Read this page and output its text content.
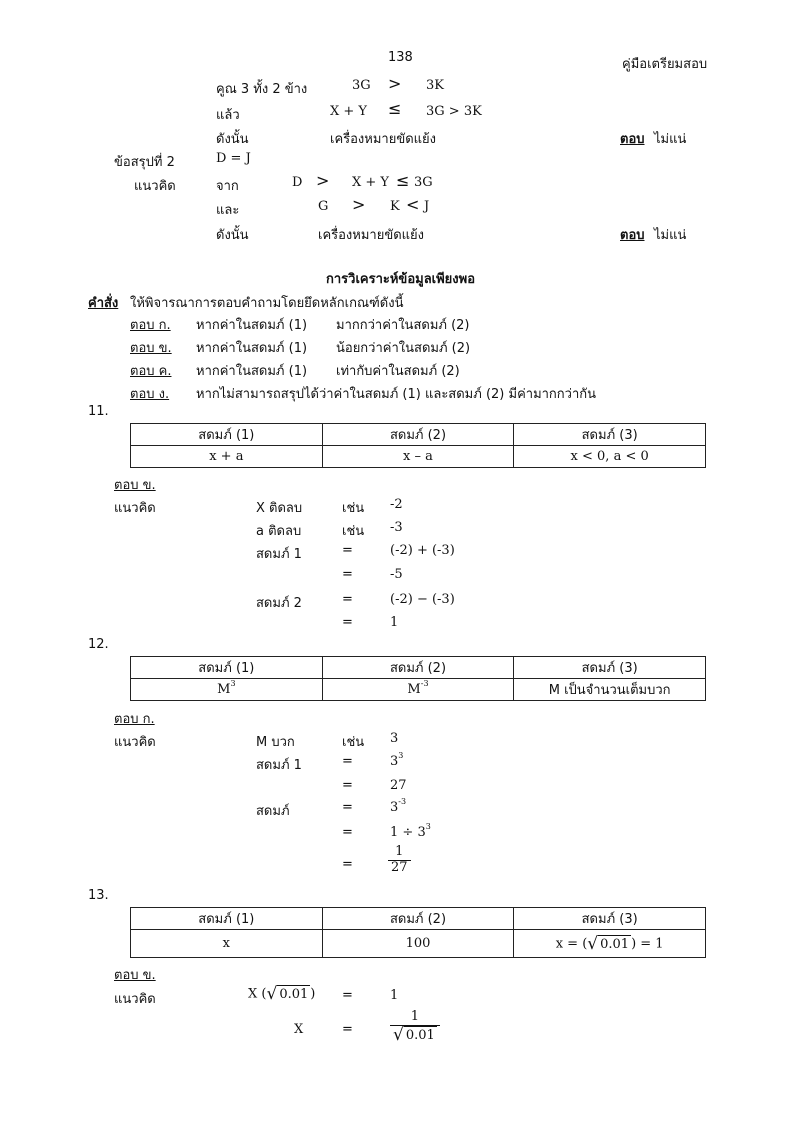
138	คู่มือเตรียมสอบ
คูณ 3 ทั้ง 2 ข้าง	3G > 3K
แล้ว	X + Y ≤ 3G > 3K
ดังนั้น	เครื่องหมายขัดแย้ง	ตอบ ไม่แน่
ข้อสรุปที่ 2	D = J
แนวคิด	จาก	D > X + Y ≤ 3G
และ	G > K < J
ดังนั้น	เครื่องหมายขัดแย้ง	ตอบ ไม่แน่
การวิเคราะห์ข้อมูลเพียงพอ
คำสั่ง ให้พิจารณาการตอบคำถามโดยยึดหลักเกณฑ์ดังนี้
ตอบ ก. หากค่าในสดมภ์ (1) มากกว่าค่าในสดมภ์ (2)
ตอบ ข. หากค่าในสดมภ์ (1) น้อยกว่าค่าในสดมภ์ (2)
ตอบ ค. หากค่าในสดมภ์ (1) เท่ากับค่าในสดมภ์ (2)
ตอบ ง. หากไม่สามารถสรุปได้ว่าค่าในสดมภ์ (1) และสดมภ์ (2) มีค่ามากกว่ากัน
11.
สดมภ์ (1)	สดมภ์ (2)	สดมภ์ (3)
x + a	x – a	x < 0, a < 0
ตอบ ข.
แนวคิด	X ติดลบ	เช่น -2
a ติดลบ	เช่น -3
สดมภ์ 1	=	(-2) + (-3)
=	-5
สดมภ์ 2	=	(-2) − (-3)
=	1
12.
สดมภ์ (1)	สดมภ์ (2)	สดมภ์ (3)
$M^3$	$M^{-3}$	M เป็นจำนวนเต็มบวก
ตอบ ก.
แนวคิด	M บวก	เช่น 3
สดมภ์ 1	=	$3^3$
=	27
สดมภ์	=	$3^{-3}$
=	$1 \div 3^3$
=	$\frac{1}{27}$
13.
สดมภ์ (1)	สดมภ์ (2)	สดมภ์ (3)
x	100	x = ( √ 0.01 ) = 1
ตอบ ข.
แนวคิด	X ( √ 0.01 ) =	1
X	=	$\frac{1}{√ 0.01}$
